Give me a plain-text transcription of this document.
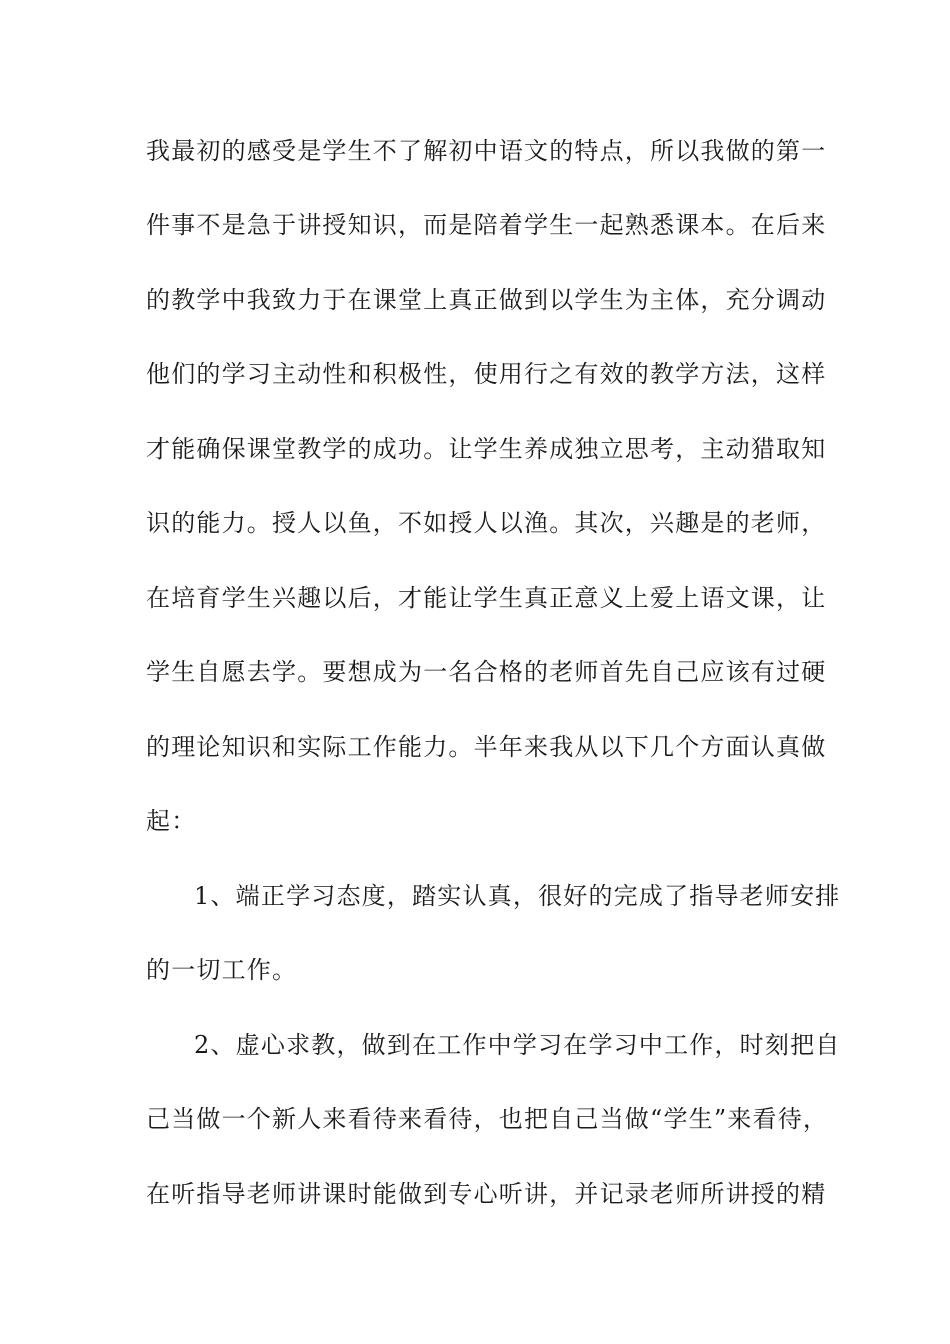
我最初的感受是学生不了解初中语文的特点，所以我做的第一
件事不是急于讲授知识，而是陪着学生一起熟悉课本。在后来
的教学中我致力于在课堂上真正做到以学生为主体，充分调动
他们的学习主动性和积极性，使用行之有效的教学方法，这样
才能确保课堂教学的成功。让学生养成独立思考，主动猎取知
识的能力。授人以鱼，不如授人以渔。其次，兴趣是的老师，
在培育学生兴趣以后，才能让学生真正意义上爱上语文课，让
学生自愿去学。要想成为一名合格的老师首先自己应该有过硬
的理论知识和实际工作能力。半年来我从以下几个方面认真做
起：
1、端正学习态度，踏实认真，很好的完成了指导老师安排
的一切工作。
2、虚心求教，做到在工作中学习在学习中工作，时刻把自
己当做一个新人来看待来看待，也把自己当做“学生”来看待，
在听指导老师讲课时能做到专心听讲，并记录老师所讲授的精
